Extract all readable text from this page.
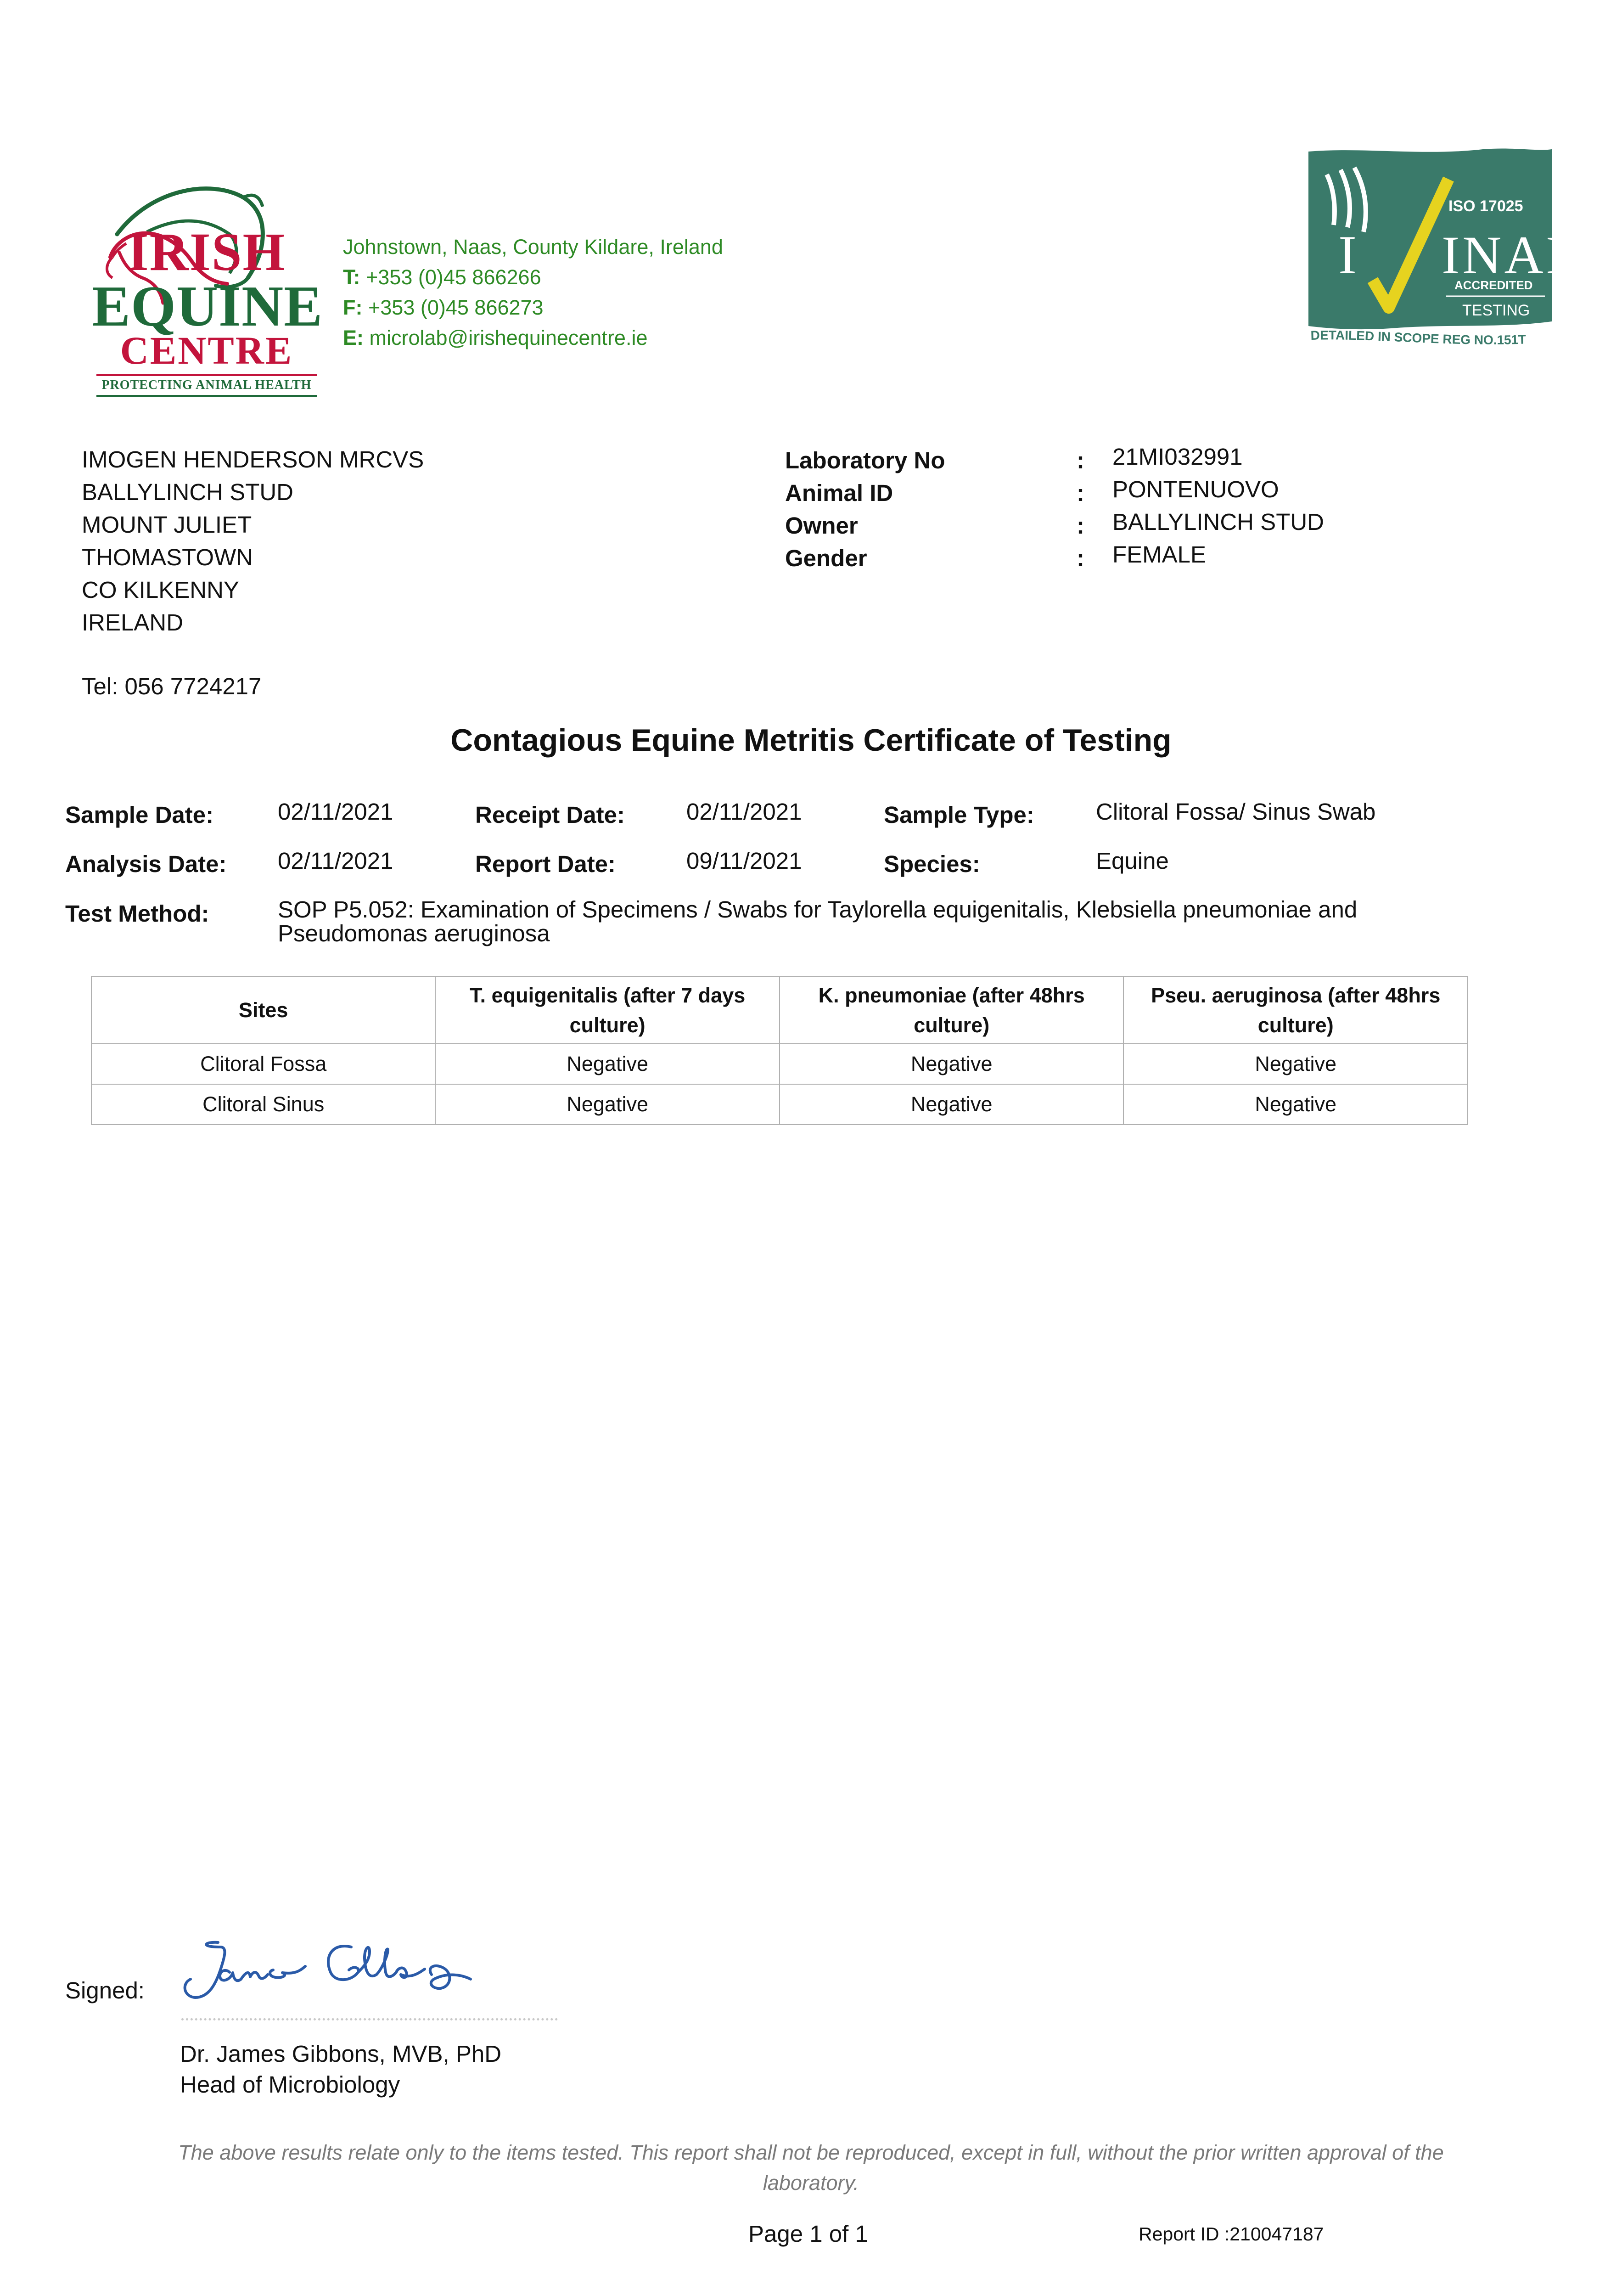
IRISH
EQUINE
CENTRE
PROTECTING ANIMAL HEALTH
Johnstown, Naas, County Kildare, Ireland
T: +353 (0)45 866266
F: +353 (0)45 866273
E: microlab@irishequinecentre.ie
I INA
ISO 17025
ACCREDITED
TESTING
DETAILED IN SCOPE REG NO.151T
IMOGEN HENDERSON MRCVS
BALLYLINCH STUD
MOUNT JULIET
THOMASTOWN
CO KILKENNY
IRELAND
Tel: 056 7724217
Laboratory No	: 21MI032991
Animal ID	: PONTENUOVO
Owner	: BALLYLINCH STUD
Gender	: FEMALE
Contagious Equine Metritis Certificate of Testing
Sample Date:	02/11/2021	Receipt Date:	02/11/2021	Sample Type:	Clitoral Fossa/ Sinus Swab
Analysis Date: 02/11/2021	Report Date:	09/11/2021	Species:	Equine
Test Method:	SOP P5.052: Examination of Specimens / Swabs for Taylorella equigenitalis, Klebsiella pneumoniae and Pseudomonas aeruginosa
Sites	T. equigenitalis (after 7 days culture)	K. pneumoniae (after 48hrs culture)	Pseu. aeruginosa (after 48hrs culture)
Clitoral Fossa	Negative	Negative	Negative
Clitoral Sinus	Negative	Negative	Negative
Signed:
Dr. James Gibbons, MVB, PhD
Head of Microbiology
The above results relate only to the items tested. This report shall not be reproduced, except in full, without the prior written approval of the laboratory.
Page 1 of 1	Report ID :210047187
